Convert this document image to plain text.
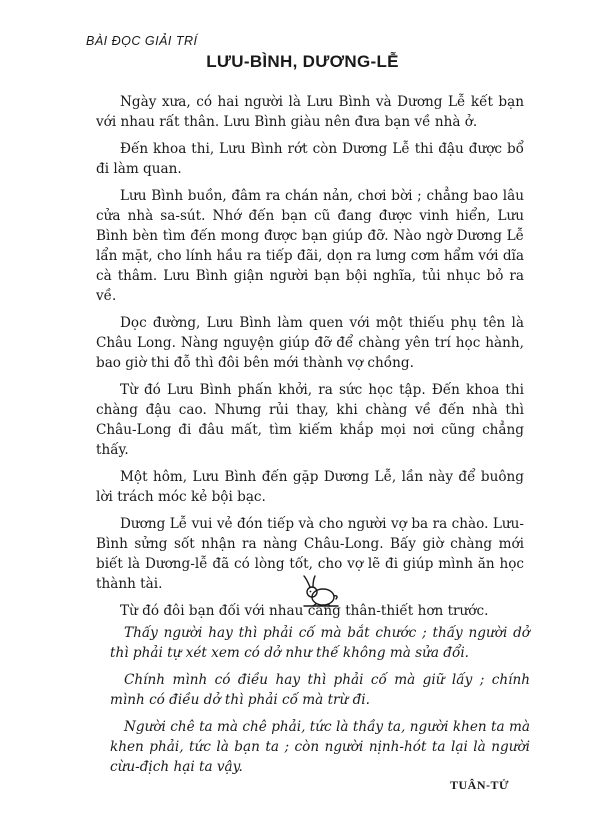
BÀI ĐỌC GIẢI TRÍ
LƯU-BÌNH, DƯƠNG-LỄ

Ngày xưa, có hai người là Lưu Bình và Dương Lễ kết bạn với nhau rất thân. Lưu Bình giàu nên đưa bạn về nhà ở.

Đến khoa thi, Lưu Bình rớt còn Dương Lễ thi đậu được bổ đi làm quan.

Lưu Bình buồn, đâm ra chán nản, chơi bời ; chẳng bao lâu cửa nhà sa-sút. Nhớ đến bạn cũ đang được vinh hiển, Lưu Bình bèn tìm đến mong được bạn giúp đỡ. Nào ngờ Dương Lễ lẩn mặt, cho lính hầu ra tiếp đãi, dọn ra lưng cơm hẩm với dĩa cà thâm. Lưu Bình giận người bạn bội nghĩa, tủi nhục bỏ ra về.

Dọc đường, Lưu Bình làm quen với một thiếu phụ tên là Châu Long. Nàng nguyện giúp đỡ để chàng yên trí học hành, bao giờ thi đỗ thì đôi bên mới thành vợ chồng.

Từ đó Lưu Bình phấn khởi, ra sức học tập. Đến khoa thi chàng đậu cao. Nhưng rủi thay, khi chàng về đến nhà thì Châu-Long đi đâu mất, tìm kiếm khắp mọi nơi cũng chẳng thấy.

Một hôm, Lưu Bình đến gặp Dương Lễ, lần này để buông lời trách móc kẻ bội bạc.

Dương Lễ vui vẻ đón tiếp và cho người vợ ba ra chào. Lưu-Bình sửng sốt nhận ra nàng Châu-Long. Bấy giờ chàng mới biết là Dương-lễ đã có lòng tốt, cho vợ lẽ đi giúp mình ăn học thành tài.

Từ đó đôi bạn đối với nhau càng thân-thiết hơn trước.

Thấy người hay thì phải cố mà bắt chước ; thấy người dở thì phải tự xét xem có dở như thế không mà sửa đổi.

Chính mình có điều hay thì phải cố mà giữ lấy ; chính mình có điều dở thì phải cố mà trừ đi.

Người chê ta mà chê phải, tức là thầy ta, người khen ta mà khen phải, tức là bạn ta ; còn người nịnh-hót ta lại là người cừu-địch hại ta vậy.

TUÂN-TỬ
